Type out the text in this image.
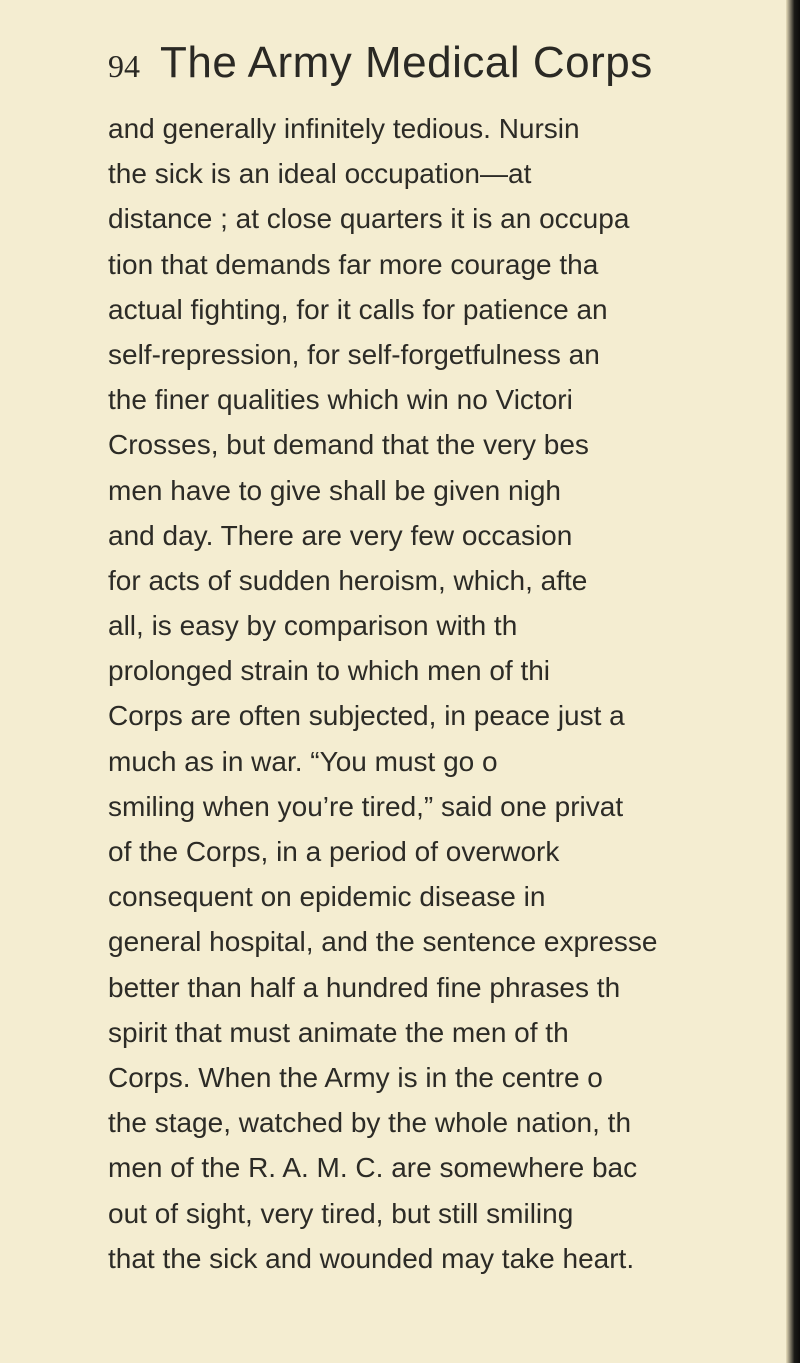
94 The Army Medical Corps
and generally infinitely tedious. Nursin
the sick is an ideal occupation—at
distance ; at close quarters it is an occupa
tion that demands far more courage tha
actual fighting, for it calls for patience an
self-repression, for self-forgetfulness an
the finer qualities which win no Victori
Crosses, but demand that the very bes
men have to give shall be given nigh
and day. There are very few occasion
for acts of sudden heroism, which, afte
all, is easy by comparison with th
prolonged strain to which men of thi
Corps are often subjected, in peace just a
much as in war. “You must go o
smiling when you’re tired,” said one privat
of the Corps, in a period of overwork
consequent on epidemic disease in
general hospital, and the sentence expresse
better than half a hundred fine phrases th
spirit that must animate the men of th
Corps. When the Army is in the centre o
the stage, watched by the whole nation, th
men of the R. A. M. C. are somewhere bac
out of sight, very tired, but still smiling
that the sick and wounded may take heart.
